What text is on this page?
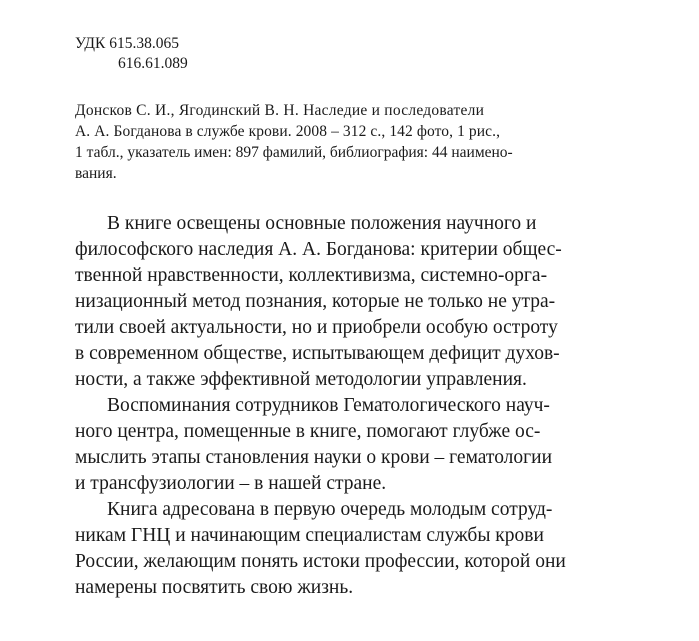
УДК 615.38.065
616.61.089
Донсков С. И., Ягодинский В. Н. Наследие и последователи
А. А. Богданова в службе крови. 2008 – 312 с., 142 фото, 1 рис.,
1 табл., указатель имен: 897 фамилий, библиография: 44 наимено-
вания.
В книге освещены основные положения научного и
философского наследия А. А. Богданова: критерии общес-
твенной нравственности, коллективизма, системно-орга-
низационный метод познания, которые не только не утра-
тили своей актуальности, но и приобрели особую остроту
в современном обществе, испытывающем дефицит духов-
ности, а также эффективной методологии управления.
Воспоминания сотрудников Гематологического науч-
ного центра, помещенные в книге, помогают глубже ос-
мыслить этапы становления науки о крови – гематологии
и трансфузиологии – в нашей стране.
Книга адресована в первую очередь молодым сотруд-
никам ГНЦ и начинающим специалистам службы крови
России, желающим понять истоки профессии, которой они
намерены посвятить свою жизнь.
